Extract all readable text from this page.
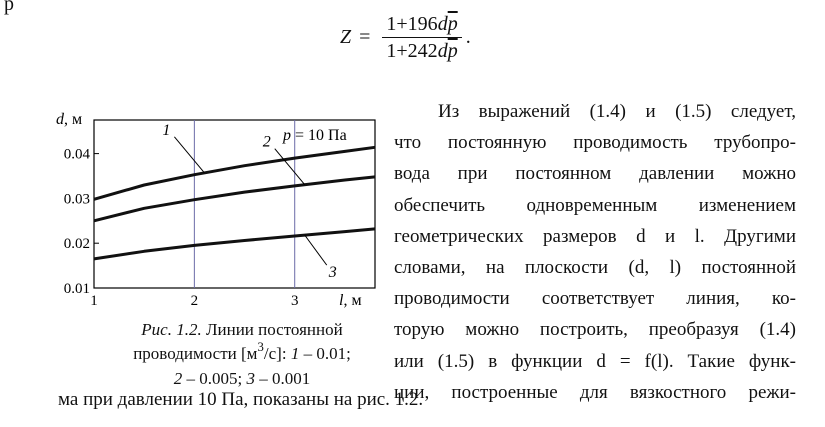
р
$Z = \frac{1+196d\overline{p}}{1+242d\overline{p}}$ .
Из выражений (1.4) и (1.5) следует,
что постоянную проводимость трубопро-
вода при постоянном давлении можно
обеспечить одновременным изменением
геометрических размеров d и l. Другими
словами, на плоскости (d, l) постоянной
проводимости соответствует линия, ко-
торую можно построить, преобразуя (1.4)
или (1.5) в функции d = f(l). Такие функ-
ции, построенные для вязкостного режи-
ма при давлении 10 Па, показаны на рис. 1.2.
0.01
0.02
0.03
0.04
1	2	3
d, м
l, м
p = 10 Па
1
2
3
Рис. 1.2. Линии постоянной
проводимости $[м^3/с]$: 1 – 0.01;
2 – 0.005; 3 – 0.001
